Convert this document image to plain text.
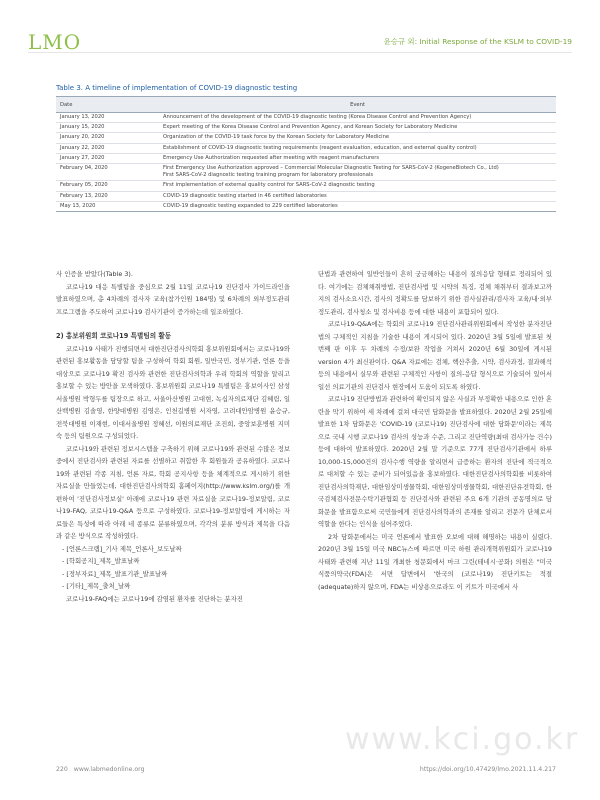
LMO	윤승규 외: Initial Response of the KSLM to COVID-19
Table 3. A timeline of implementation of COVID-19 diagnostic testing
Date	Event
January 13, 2020	Announcement of the development of the COVID-19 diagnostic testing (Korea Disease Control and Prevention Agency)

January 15, 2020	Expert meeting of the Korea Disease Control and Prevention Agency, and Korean Society for Laboratory Medicine

January 20, 2020	Organization of the COVID-19 task force by the Korean Society for Laboratory Medicine

January 22, 2020	Establishment of COVID-19 diagnostic testing requirements (reagent evaluation, education, and external quality control)

January 27, 2020	Emergency Use Authorization requested after meeting with reagent manufacturers

February 04, 2020	First Emergency Use Authorization approved – Commercial Molecular Diagnostic Testing for SARS-CoV-2 (KogeneBiotech Co., Ltd)
First SARS-CoV-2 diagnostic testing training program for laboratory professionals

February 05, 2020	First implementation of external quality control for SARS-CoV-2 diagnostic testing

February 13, 2020	COVID-19 diagnostic testing started in 46 certified laboratories

May 13, 2020	COVID-19 diagnostic testing expanded to 229 certified laboratories

사 인증을 받았다(Table 3).

코로나19 대응 특별팀을 중심으로 2월 11일 코로나19 진단검사 가이드라인을 발표하였으며, 총 4차례의 검사자 교육(참가인원 184명) 및 6차례의 외부정도관리 프로그램을 주도하여 코로나19 검사기관이 증가하는데 일조하였다.

2) 홍보위원회 코로나19 특별팀의 활동

코로나19 사태가 진행되면서 대한진단검사의학회 홍보위원회에서는 코로나19와 관련된 홍보활동을 담당할 팀을 구성하여 학회 회원, 일반국민, 정부기관, 언론 등을 대상으로 코로나19 확진 검사와 관련한 진단검사의학과 우리 학회의 역할을 알리고 홍보할 수 있는 방안을 모색하였다. 홍보위원회 코로나19 특별팀은 홍보이사인 삼성서울병원 박형두를 팀장으로 하고, 서울아산병원 고대현, 녹십자의료재단 김혜림, 일산백병원 김솔영, 한양대병원 김영은, 인천길병원 서자영, 고려대안암병원 윤승규, 전북대병원 이재현, 이대서울병원 정혜선, 이원의료재단 조진희, 중앙보훈병원 지미숙 등의 팀원으로 구성되었다.

코로나19와 관련된 정보시스템을 구축하기 위해 코로나19와 관련된 수많은 정보 중에서 진단검사와 관련된 자료를 선별하고 취합한 후 회원들과 공유하였다. 코로나19와 관련된 각종 지침, 언론 자료, 학회 공지사항 등을 체계적으로 게시하기 위한 자료실을 만들었는데, 대한진단검사의학회 홈페이지(http://www.kslm.org/)를 개편하여 '진단검사정보실' 아래에 코로나19 관련 자료실을 코로나19-정보알림, 코로나19-FAQ, 코로나19-Q&A 등으로 구성하였다. 코로나19-정보알림에 게시하는 자료들은 특성에 따라 아래 네 종류로 분류하였으며, 각각의 분류 방식과 제목을 다음과 같은 방식으로 작성하였다.

- [언론스크랩]_기사 제목_언론사_보도날짜

- [학회공지]_제목_발표날짜

- [정부자료]_제목_발표기관_발표날짜

- [기타]_제목_출처_날짜

코로나19-FAQ에는 코로나19에 감염된 환자를 진단하는 분자진

단법과 관련하여 일반인들이 흔히 궁금해하는 내용이 질의응답 형태로 정리되어 있다. 여기에는 검체채취방법, 진단검사법 및 시약의 특징, 검체 채취부터 결과보고까지의 검사소요시간, 검사의 정확도를 담보하기 위한 검사실관리/검사자 교육/내·외부정도관리, 검사청소 및 검사비용 등에 대한 내용이 포함되어 있다.

코로나19-Q&A에는 학회의 코로나19 진단검사관리위원회에서 작성한 분자진단법의 구체적인 지침을 기술한 내용이 게시되어 있다. 2020년 3월 5일에 발표된 첫 번째 판 이후 두 차례의 수정/보완 작업을 거쳐서 2020년 6월 30일에 게시된 version 4가 최신판이다. Q&A 자료에는 검체, 핵산추출, 시약, 검사과정, 결과해석 등의 내용에서 실무와 관련된 구체적인 사항이 질의-응답 형식으로 기술되어 있어서 일선 의료기관의 진단검사 현장에서 도움이 되도록 하였다.

코로나19 진단방법과 관련하여 확인되지 않은 사실과 부정확한 내용으로 인한 혼란을 막기 위하여 세 차례에 걸쳐 대국민 담화문을 발표하였다. 2020년 2월 25일에 발표한 1차 담화문은 'COVID-19 (코로나19) 진단검사에 대한 담화문'이라는 제목으로 국내 시행 코로나19 검사의 성능과 수준, 그리고 진단역량(최대 검사가능 건수) 등에 대하여 발표하였다. 2020년 2월 말 기준으로 77개 진단검사기관에서 하루 10,000-15,000건의 검사수행 역량을 알리면서 급증하는 환자의 진단에 적극적으로 대처할 수 있는 준비가 되어있음을 홍보하였다. 대한진단검사의학회를 비롯하여 진단검사의학재단, 대한임상미생물학회, 대한임상미생물학회, 대한진단유전학회, 한국검체검사전문수탁기관협회 등 진단검사와 관련된 주요 6개 기관의 공동명의로 담화문을 발표함으로써 국민들에게 진단검사의학과의 존재를 알리고 전문가 단체로서 역할을 한다는 인식을 심어주었다.

2차 담화문에서는 미국 언론에서 발표한 오보에 대해 해명하는 내용이 실렸다. 2020년 3월 15일 미국 NBC뉴스에 따르면 미국 하원 관리개혁위원회가 코로나19 사태와 관련해 지난 11일 개최한 청문회에서 마크 그린(테네시·공화) 의원은 "미국 식품의약국(FDA)은 서면 답변에서 '한국의 (코로나19) 진단키트는 적절(adequate)하지 않으며, FDA는 비상용으로라도 이 키트가 미국에서 사

www.kci.go.kr
220 www.labmedonline.org	https://doi.org/10.47429/lmo.2021.11.4.217
